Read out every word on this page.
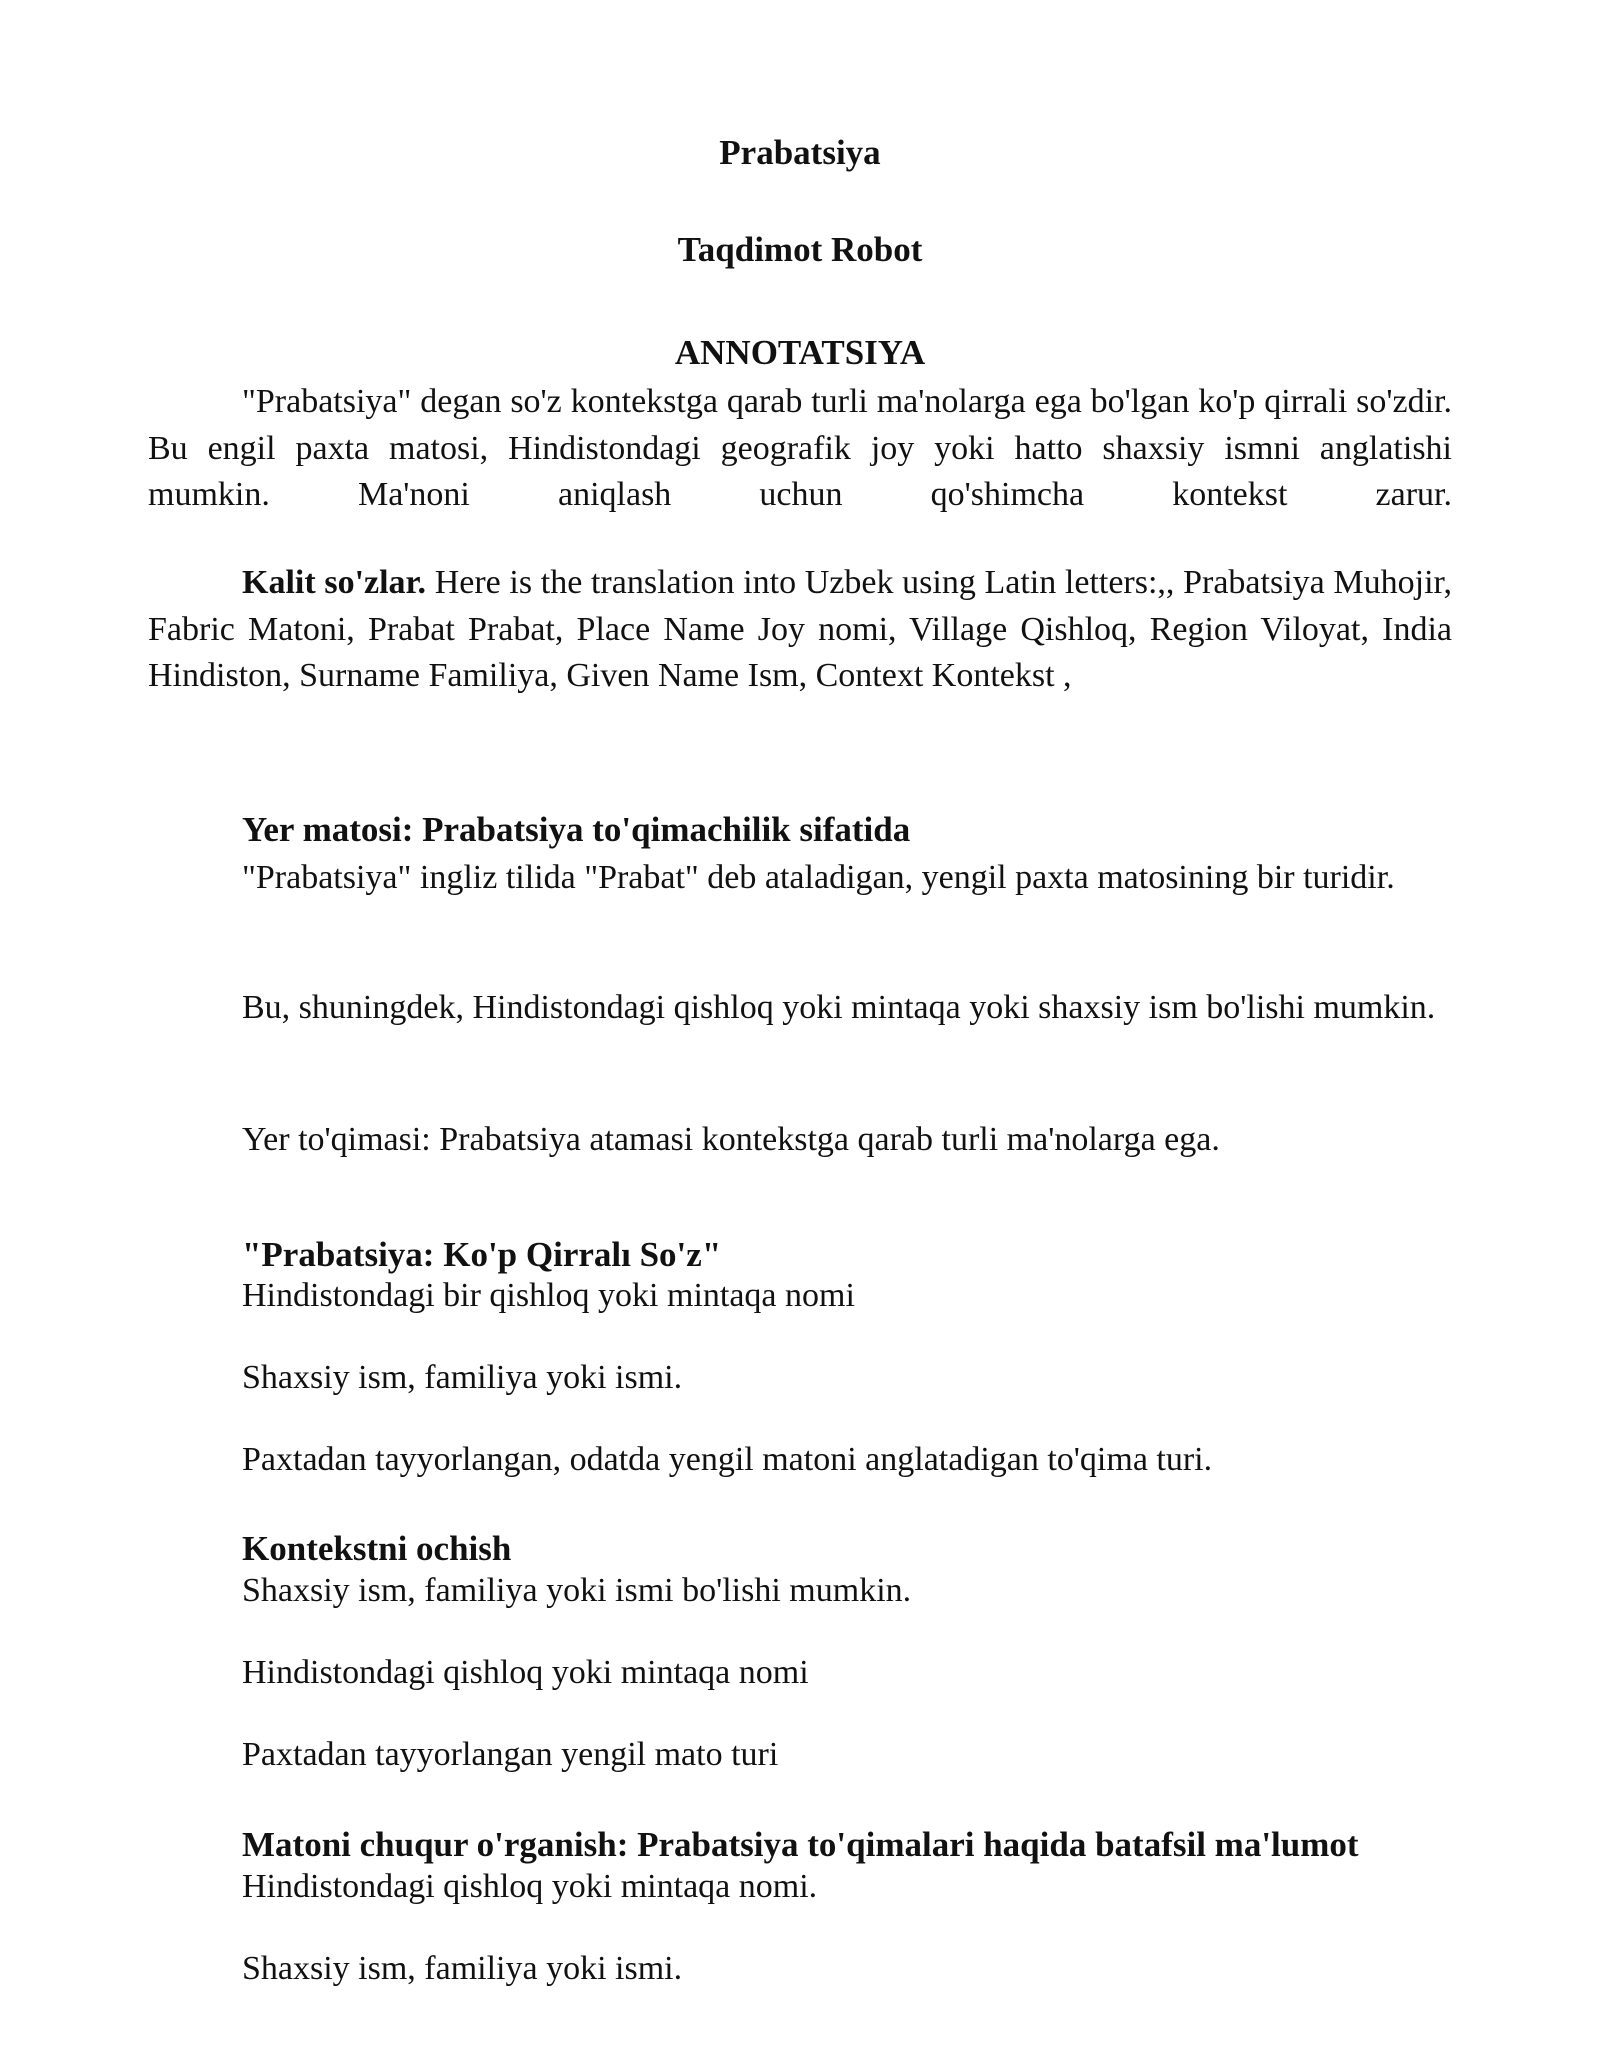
Prabatsiya
Taqdimot Robot
ANNOTATSIYA

"Prabatsiya" degan so'z kontekstga qarab turli ma'nolarga ega bo'lgan ko'p qirrali so'zdir. Bu engil paxta matosi, Hindistondagi geografik joy yoki hatto shaxsiy ismni anglatishi mumkin. Ma'noni aniqlash uchun qo'shimcha kontekst zarur.

Kalit so'zlar. Here is the translation into Uzbek using Latin letters:,, Prabatsiya Muhojir, Fabric Matoni, Prabat Prabat, Place Name Joy nomi, Village Qishloq, Region Viloyat, India Hindiston, Surname Familiya, Given Name Ism, Context Kontekst ,

Yer matosi: Prabatsiya to'qimachilik sifatida

"Prabatsiya" ingliz tilida "Prabat" deb ataladigan, yengil paxta matosining bir turidir.

Bu, shuningdek, Hindistondagi qishloq yoki mintaqa yoki shaxsiy ism bo'lishi mumkin.

Yer to'qimasi: Prabatsiya atamasi kontekstga qarab turli ma'nolarga ega.

"Prabatsiya: Ko'p Qirralı So'z"

Hindistondagi bir qishloq yoki mintaqa nomi

Shaxsiy ism, familiya yoki ismi.

Paxtadan tayyorlangan, odatda yengil matoni anglatadigan to'qima turi.

Kontekstni ochish

Shaxsiy ism, familiya yoki ismi bo'lishi mumkin.

Hindistondagi qishloq yoki mintaqa nomi

Paxtadan tayyorlangan yengil mato turi

Matoni chuqur o'rganish: Prabatsiya to'qimalari haqida batafsil ma'lumot

Hindistondagi qishloq yoki mintaqa nomi.

Shaxsiy ism, familiya yoki ismi.
